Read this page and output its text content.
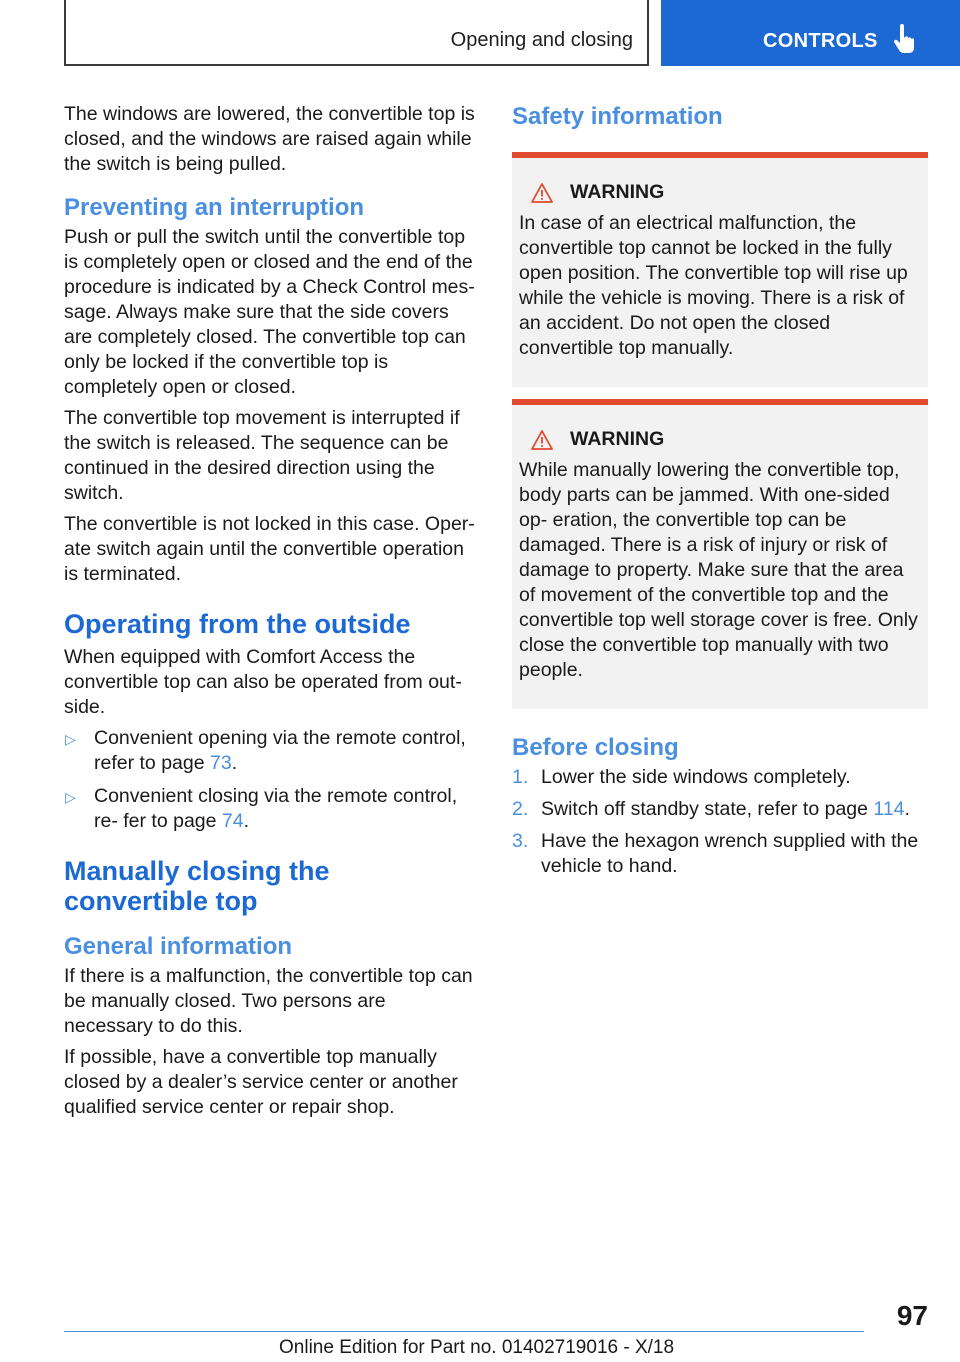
Opening and closing	CONTROLS

The windows are lowered, the convertible top is closed, and the windows are raised again while the switch is being pulled.

Preventing an interruption

Push or pull the switch until the convertible top is completely open or closed and the end of the procedure is indicated by a Check Control mes‐ sage. Always make sure that the side covers are completely closed. The convertible top can only be locked if the convertible top is completely open or closed.

The convertible top movement is interrupted if the switch is released. The sequence can be continued in the desired direction using the switch.

The convertible is not locked in this case. Oper‐ ate switch again until the convertible operation is terminated.

Operating from the outside

When equipped with Comfort Access the convertible top can also be operated from out‐ side.

▷ Convenient opening via the remote control, refer to page 73.
▷ Convenient closing via the remote control, re‐ fer to page 74.
Manually closing the convertible top
General information

If there is a malfunction, the convertible top can be manually closed. Two persons are necessary to do this.

If possible, have a convertible top manually closed by a dealer’s service center or another qualified service center or repair shop.

Safety information
WARNING

In case of an electrical malfunction, the convertible top cannot be locked in the fully open position. The convertible top will rise up while the vehicle is moving. There is a risk of an accident. Do not open the closed convertible top manually.

WARNING

While manually lowering the convertible top, body parts can be jammed. With one-sided op‐ eration, the convertible top can be damaged. There is a risk of injury or risk of damage to property. Make sure that the area of movement of the convertible top and the convertible top well storage cover is free. Only close the convertible top manually with two people.

Before closing
1. Lower the side windows completely.
2. Switch off standby state, refer to page 114.
3. Have the hexagon wrench supplied with the vehicle to hand.
97
Online Edition for Part no. 01402719016 - X/18
